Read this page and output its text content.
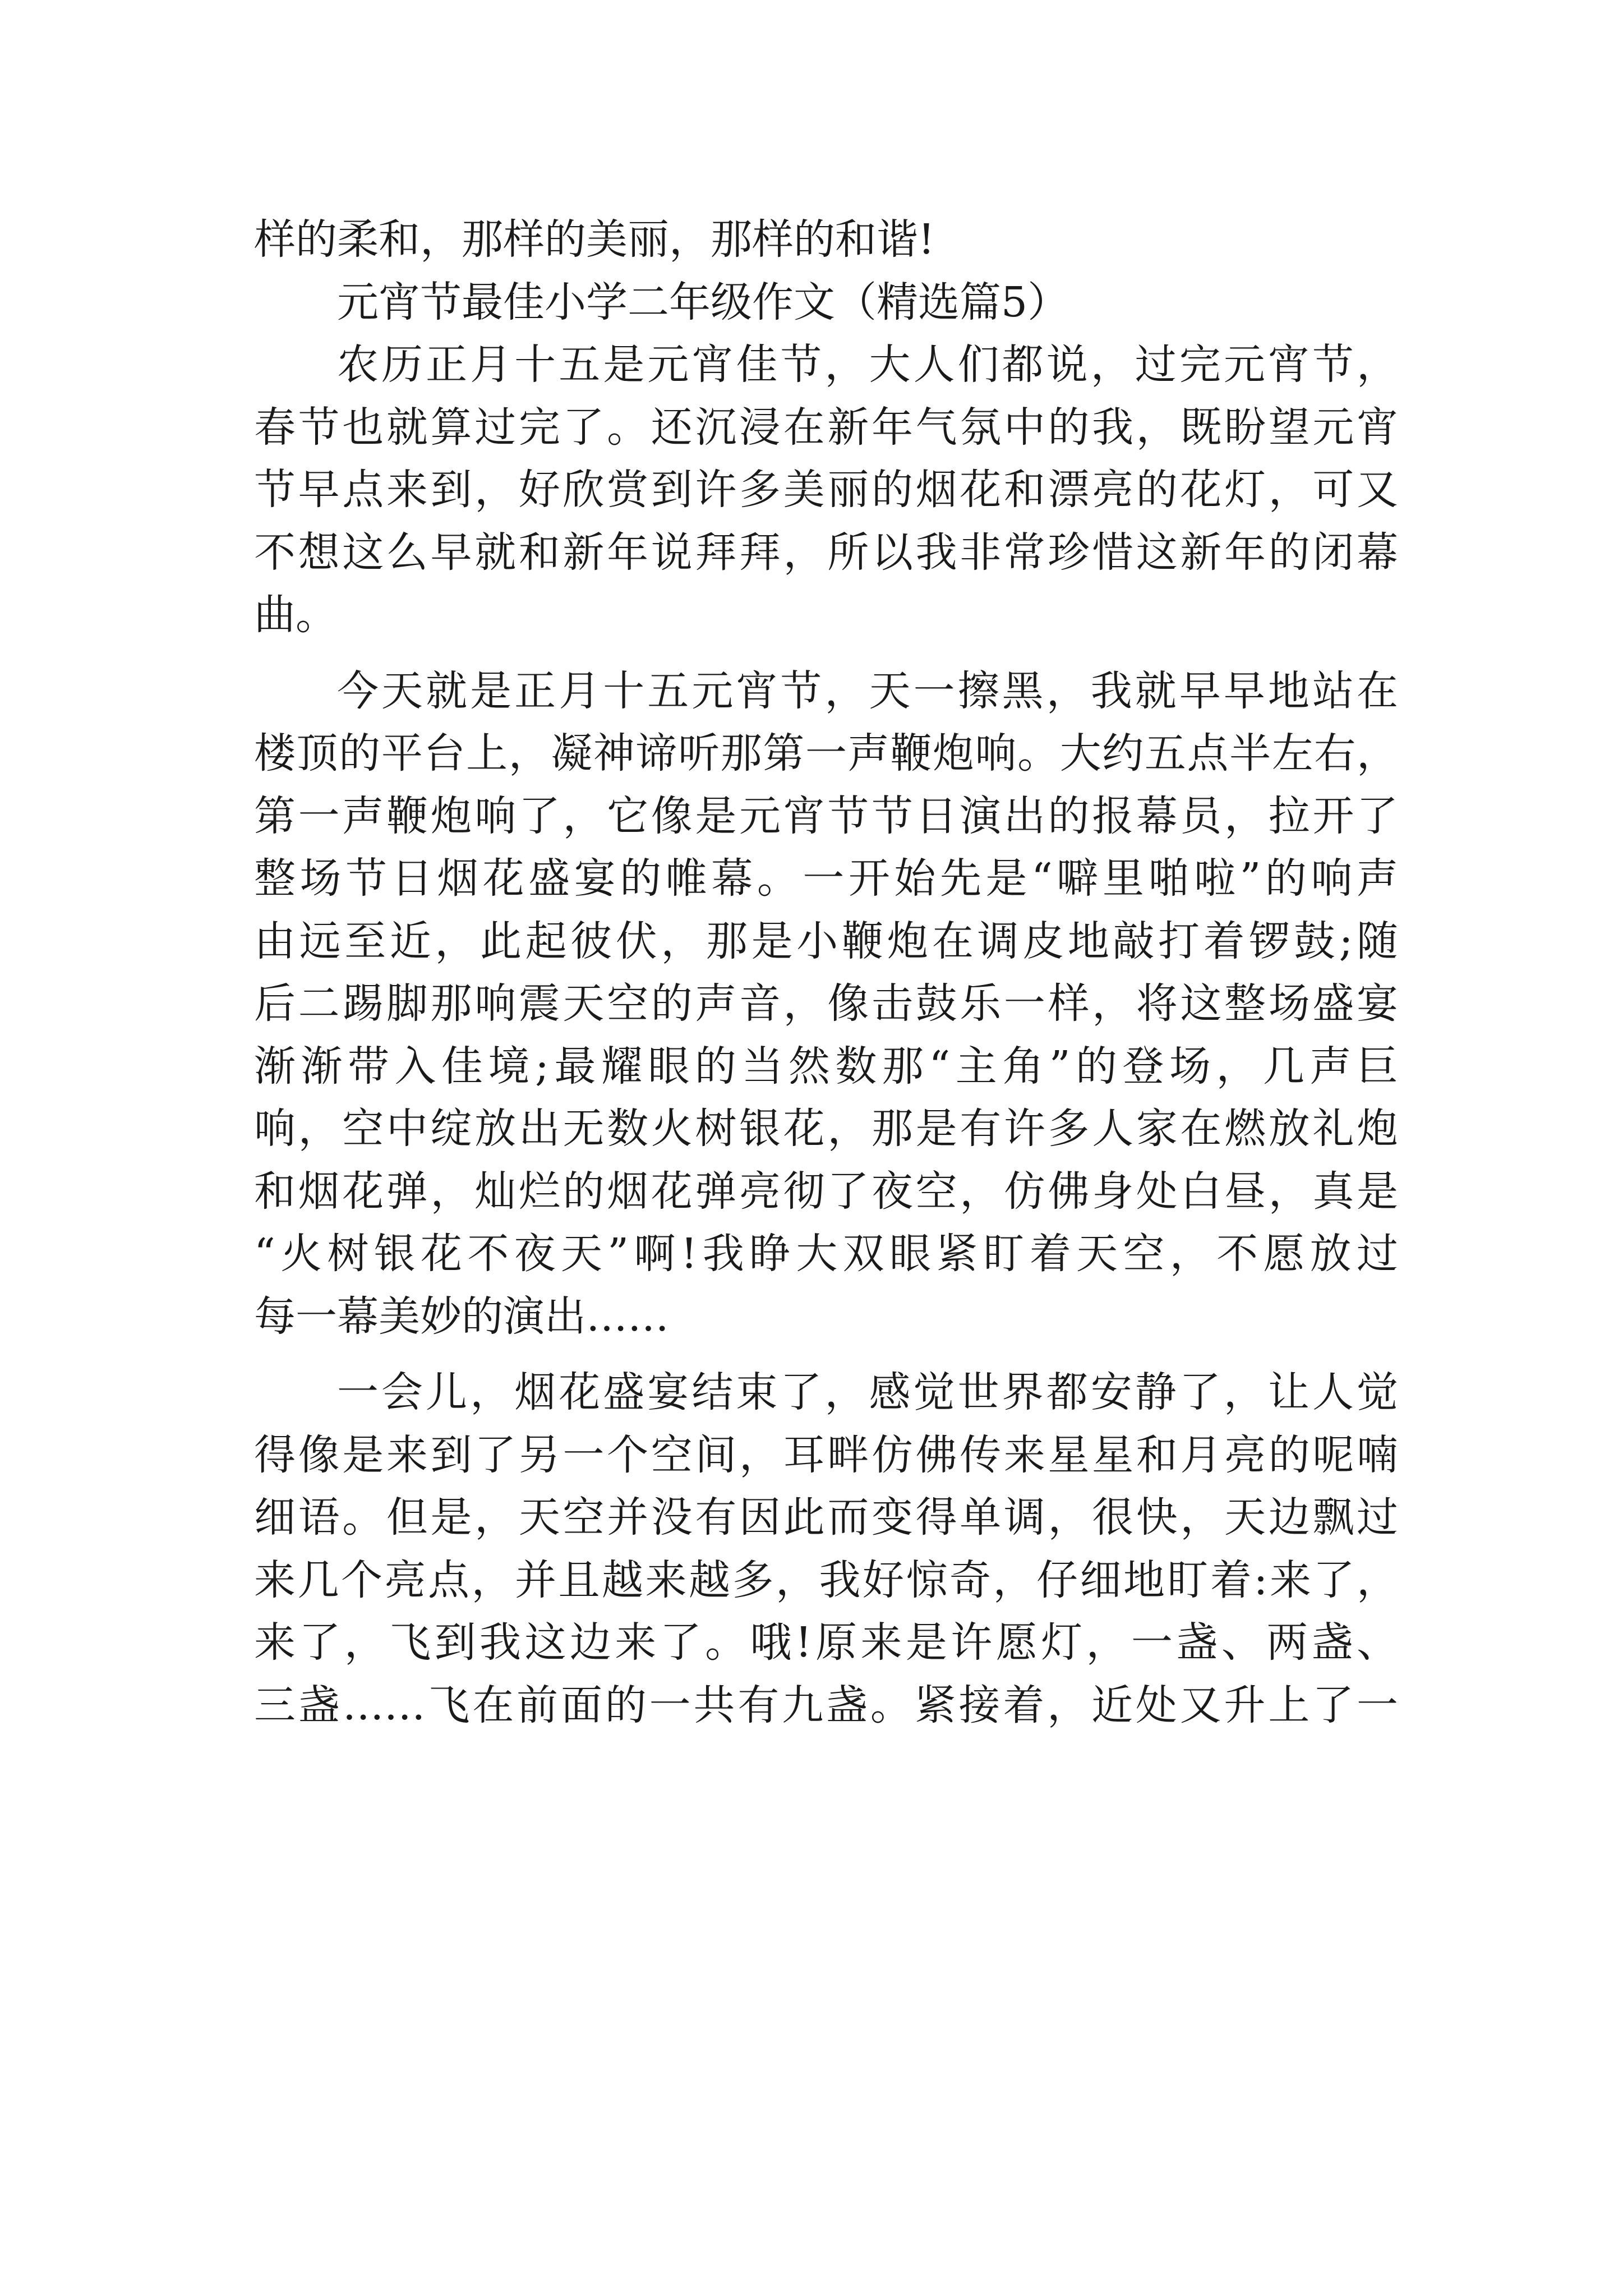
样的柔和，那样的美丽，那样的和谐!
元宵节最佳小学二年级作文（精选篇5）
农历正月十五是元宵佳节，大人们都说，过完元宵节，
春节也就算过完了。还沉浸在新年气氛中的我，既盼望元宵
节早点来到，好欣赏到许多美丽的烟花和漂亮的花灯，可又
不想这么早就和新年说拜拜，所以我非常珍惜这新年的闭幕
曲。
今天就是正月十五元宵节，天一擦黑，我就早早地站在
楼顶的平台上，凝神谛听那第一声鞭炮响。大约五点半左右，
第一声鞭炮响了，它像是元宵节节日演出的报幕员，拉开了
整场节日烟花盛宴的帷幕。一开始先是“噼里啪啦”的响声
由远至近，此起彼伏，那是小鞭炮在调皮地敲打着锣鼓;随
后二踢脚那响震天空的声音，像击鼓乐一样，将这整场盛宴
渐渐带入佳境;最耀眼的当然数那“主角”的登场，几声巨
响，空中绽放出无数火树银花，那是有许多人家在燃放礼炮
和烟花弹，灿烂的烟花弹亮彻了夜空，仿佛身处白昼，真是
“火树银花不夜天”啊!我睁大双眼紧盯着天空，不愿放过
每一幕美妙的演出……
一会儿，烟花盛宴结束了，感觉世界都安静了，让人觉
得像是来到了另一个空间，耳畔仿佛传来星星和月亮的呢喃
细语。但是，天空并没有因此而变得单调，很快，天边飘过
来几个亮点，并且越来越多，我好惊奇，仔细地盯着:来了，
来了，飞到我这边来了。哦!原来是许愿灯，一盏、两盏、
三盏……飞在前面的一共有九盏。紧接着，近处又升上了一
